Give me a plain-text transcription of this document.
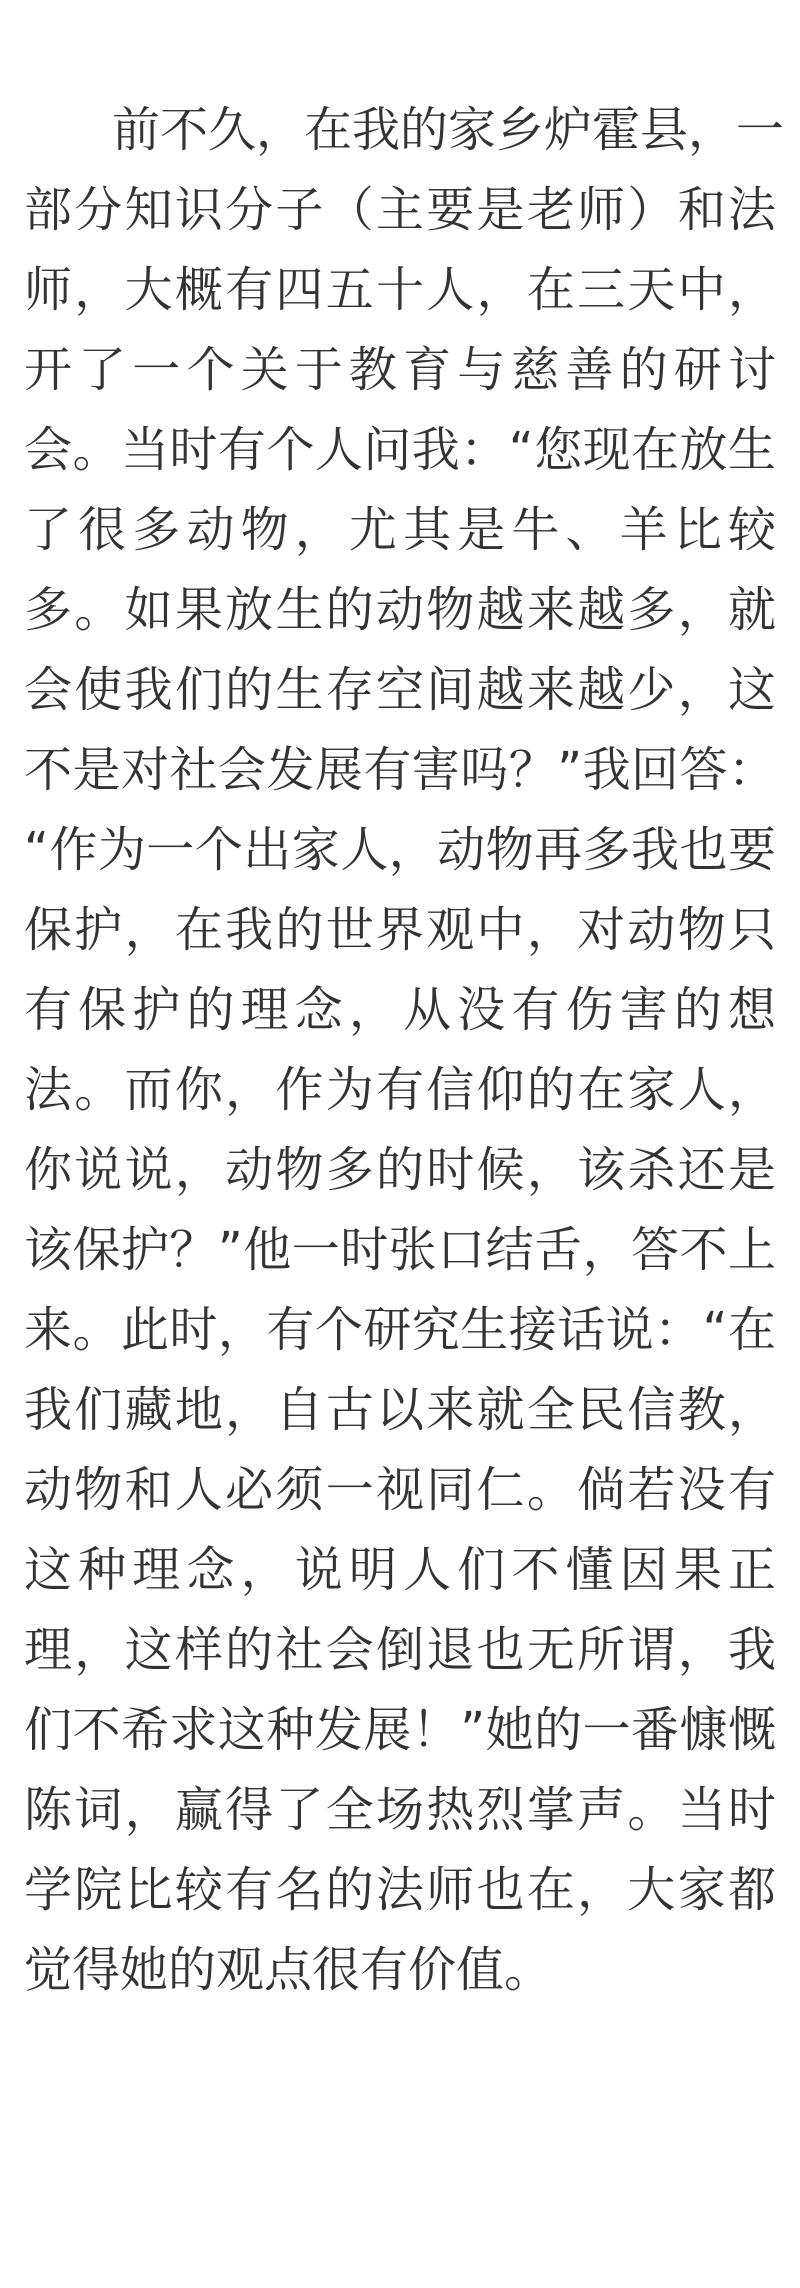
前不久，在我的家乡炉霍县，一
部分知识分子（主要是老师）和法
师，大概有四五十人，在三天中，
开了一个关于教育与慈善的研讨
会。当时有个人问我：“您现在放生
了很多动物，尤其是牛、羊比较
多。如果放生的动物越来越多，就
会使我们的生存空间越来越少，这
不是对社会发展有害吗？”我回答：
“作为一个出家人，动物再多我也要
保护，在我的世界观中，对动物只
有保护的理念，从没有伤害的想
法。而你，作为有信仰的在家人，
你说说，动物多的时候，该杀还是
该保护？”他一时张口结舌，答不上
来。此时，有个研究生接话说：“在
我们藏地，自古以来就全民信教，
动物和人必须一视同仁。倘若没有
这种理念，说明人们不懂因果正
理，这样的社会倒退也无所谓，我
们不希求这种发展！”她的一番慷慨
陈词，赢得了全场热烈掌声。当时
学院比较有名的法师也在，大家都
觉得她的观点很有价值。
